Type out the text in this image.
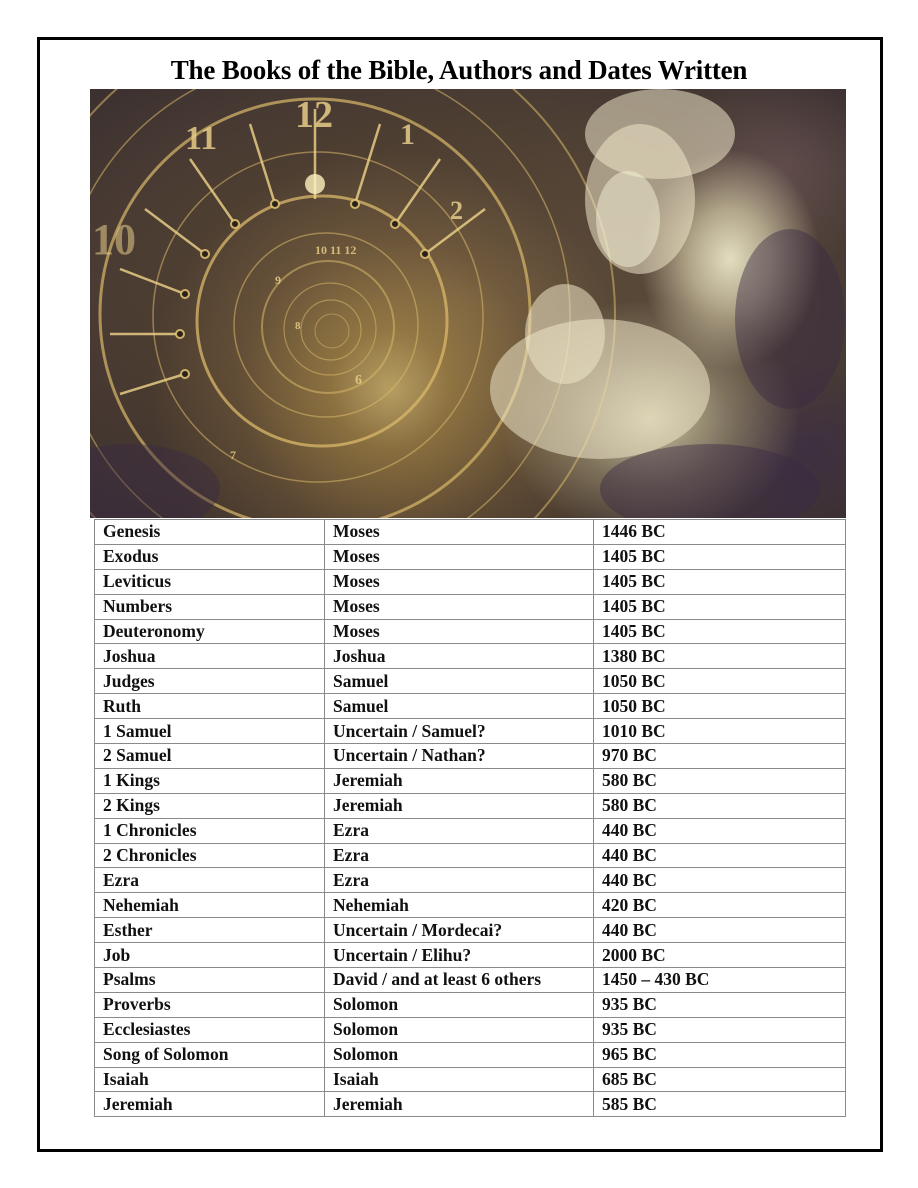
The Books of the Bible, Authors and Dates Written
12
11	1
2
10	10 11 12
9
8
6
7
Genesis	Moses	1446 BC
Exodus	Moses	1405 BC
Leviticus	Moses	1405 BC
Numbers	Moses	1405 BC
Deuteronomy	Moses	1405 BC
Joshua	Joshua	1380 BC
Judges	Samuel	1050 BC
Ruth	Samuel	1050 BC
1 Samuel	Uncertain / Samuel?	1010 BC
2 Samuel	Uncertain / Nathan?	970 BC
1 Kings	Jeremiah	580 BC
2 Kings	Jeremiah	580 BC
1 Chronicles	Ezra	440 BC
2 Chronicles	Ezra	440 BC
Ezra	Ezra	440 BC
Nehemiah	Nehemiah	420 BC
Esther	Uncertain / Mordecai?	440 BC
Job	Uncertain / Elihu?	2000 BC
Psalms	David / and at least 6 others	1450 – 430 BC
Proverbs	Solomon	935 BC
Ecclesiastes	Solomon	935 BC
Song of Solomon	Solomon	965 BC
Isaiah	Isaiah	685 BC
Jeremiah	Jeremiah	585 BC
